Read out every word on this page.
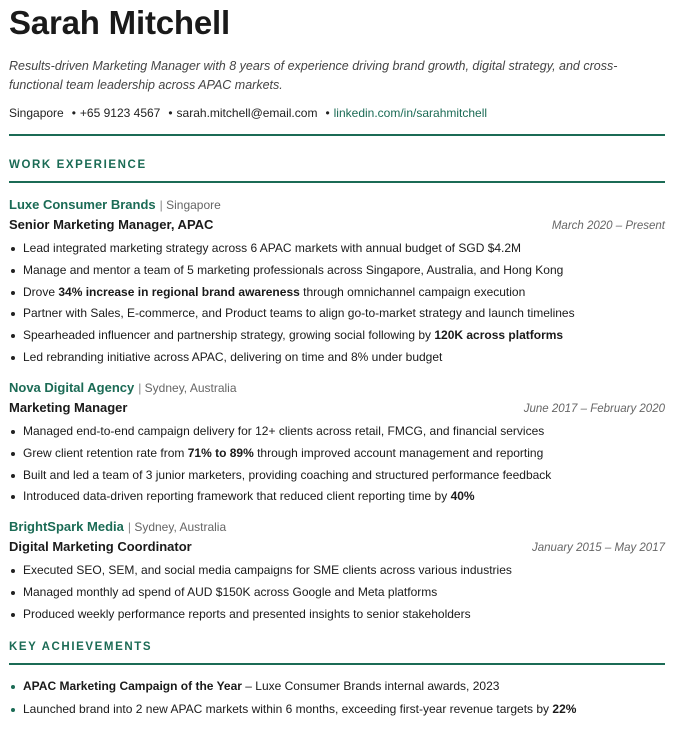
Sarah Mitchell
Results-driven Marketing Manager with 8 years of experience driving brand growth, digital strategy, and cross-functional team leadership across APAC markets.
Singapore • +65 9123 4567 • sarah.mitchell@email.com • linkedin.com/in/sarahmitchell
WORK EXPERIENCE
Luxe Consumer Brands | Singapore
Senior Marketing Manager, APAC	March 2020 – Present
Lead integrated marketing strategy across 6 APAC markets with annual budget of SGD $4.2M
Manage and mentor a team of 5 marketing professionals across Singapore, Australia, and Hong Kong
Drove 34% increase in regional brand awareness through omnichannel campaign execution
Partner with Sales, E-commerce, and Product teams to align go-to-market strategy and launch timelines
Spearheaded influencer and partnership strategy, growing social following by 120K across platforms
Led rebranding initiative across APAC, delivering on time and 8% under budget
Nova Digital Agency | Sydney, Australia
Marketing Manager	June 2017 – February 2020
Managed end-to-end campaign delivery for 12+ clients across retail, FMCG, and financial services
Grew client retention rate from 71% to 89% through improved account management and reporting
Built and led a team of 3 junior marketers, providing coaching and structured performance feedback
Introduced data-driven reporting framework that reduced client reporting time by 40%
BrightSpark Media | Sydney, Australia
Digital Marketing Coordinator	January 2015 – May 2017
Executed SEO, SEM, and social media campaigns for SME clients across various industries
Managed monthly ad spend of AUD $150K across Google and Meta platforms
Produced weekly performance reports and presented insights to senior stakeholders
KEY ACHIEVEMENTS
APAC Marketing Campaign of the Year – Luxe Consumer Brands internal awards, 2023
Launched brand into 2 new APAC markets within 6 months, exceeding first-year revenue targets by 22%
